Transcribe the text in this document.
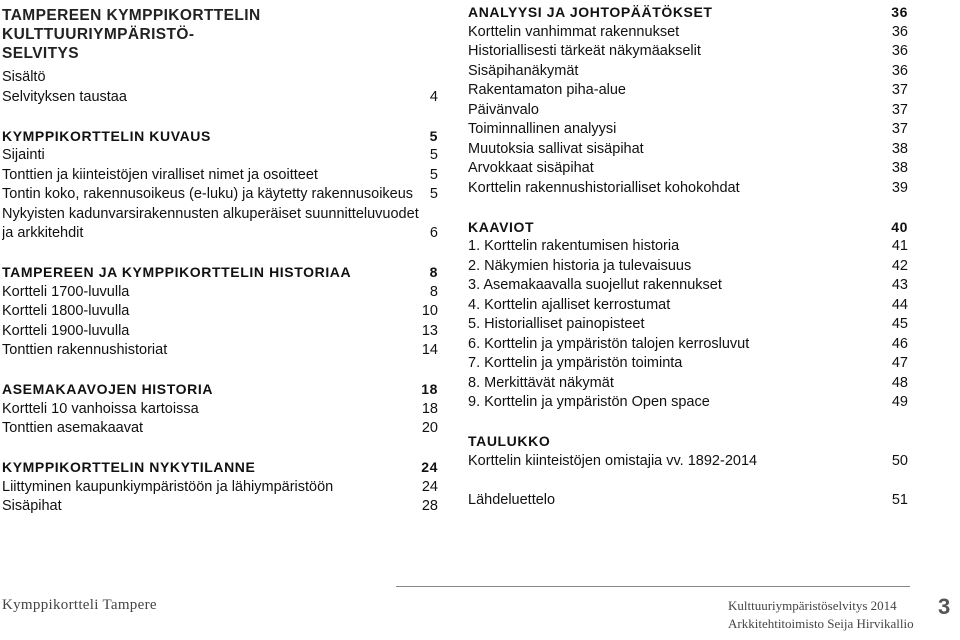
TAMPEREEN KYMPPIKORTTELIN KULTTUURIYMPÄRISTÖ-
SELVITYS
Sisältö
Selvityksen taustaa	4
KYMPPIKORTTELIN KUVAUS	5
Sijainti	5
Tonttien ja kiinteistöjen viralliset nimet ja osoitteet	5
Tontin koko, rakennusoikeus (e-luku) ja käytetty rakennusoikeus	5
Nykyisten kadunvarsirakennusten alkuperäiset suunnitteluvuodet
ja arkkitehdit	6
TAMPEREEN JA KYMPPIKORTTELIN HISTORIAA	8
Kortteli 1700-luvulla	8
Kortteli 1800-luvulla	10
Kortteli 1900-luvulla	13
Tonttien rakennushistoriat	14
ASEMAKAAVOJEN HISTORIA	18
Kortteli 10 vanhoissa kartoissa	18
Tonttien asemakaavat	20
KYMPPIKORTTELIN NYKYTILANNE	24
Liittyminen kaupunkiympäristöön ja lähiympäristöön	24
Sisäpihat	28
ANALYYSI JA JOHTOPÄÄTÖKSET	36
Korttelin vanhimmat rakennukset	36
Historiallisesti tärkeät näkymäakselit	36
Sisäpihanäkymät	36
Rakentamaton piha-alue	37
Päivänvalo	37
Toiminnallinen analyysi	37
Muutoksia sallivat sisäpihat	38
Arvokkaat sisäpihat	38
Korttelin rakennushistorialliset kohokohdat	39
KAAVIOT	40
1. Korttelin rakentumisen historia	41
2. Näkymien historia ja tulevaisuus	42
3. Asemakaavalla suojellut rakennukset	43
4. Korttelin ajalliset kerrostumat	44
5. Historialliset painopisteet	45
6. Korttelin ja ympäristön talojen kerrosluvut	46
7. Korttelin ja ympäristön toiminta	47
8. Merkittävät näkymät	48
9. Korttelin ja ympäristön Open space	49
TAULUKKO
Korttelin kiinteistöjen omistajia vv. 1892-2014	50
Lähdeluettelo	51
Kymppikortteli Tampere	Kulttuuriympäristöselvitys 2014
Arkkitehtitoimisto Seija Hirvikallio
3
